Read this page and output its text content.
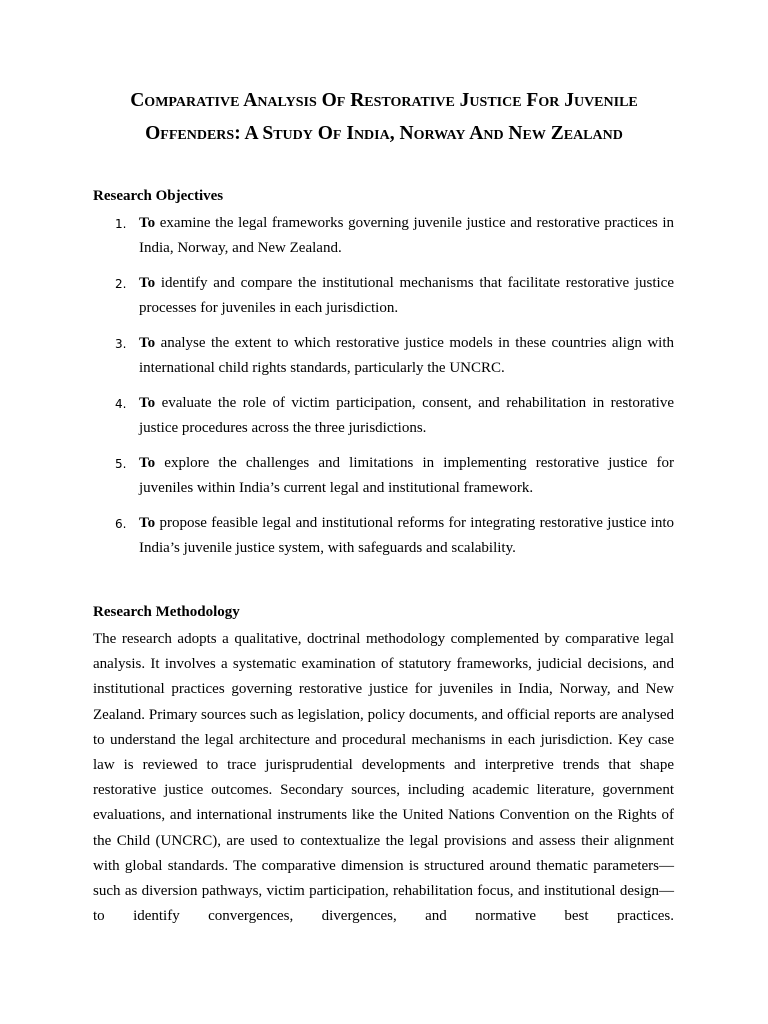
Comparative Analysis Of Restorative Justice For Juvenile
Offenders: A Study Of India, Norway And New Zealand
Research Objectives
1. To examine the legal frameworks governing juvenile justice and restorative practices in India, Norway, and New Zealand.
2. To identify and compare the institutional mechanisms that facilitate restorative justice processes for juveniles in each jurisdiction.
3. To analyse the extent to which restorative justice models in these countries align with international child rights standards, particularly the UNCRC.
4. To evaluate the role of victim participation, consent, and rehabilitation in restorative justice procedures across the three jurisdictions.
5. To explore the challenges and limitations in implementing restorative justice for juveniles within India’s current legal and institutional framework.
6. To propose feasible legal and institutional reforms for integrating restorative justice into India’s juvenile justice system, with safeguards and scalability.
Research Methodology

The research adopts a qualitative, doctrinal methodology complemented by comparative legal analysis. It involves a systematic examination of statutory frameworks, judicial decisions, and institutional practices governing restorative justice for juveniles in India, Norway, and New Zealand. Primary sources such as legislation, policy documents, and official reports are analysed to understand the legal architecture and procedural mechanisms in each jurisdiction. Key case law is reviewed to trace jurisprudential developments and interpretive trends that shape restorative justice outcomes. Secondary sources, including academic literature, government evaluations, and international instruments like the United Nations Convention on the Rights of the Child (UNCRC), are used to contextualize the legal provisions and assess their alignment with global standards. The comparative dimension is structured around thematic parameters—such as diversion pathways, victim participation, rehabilitation focus, and institutional design—to identify convergences, divergences, and normative best practices.
